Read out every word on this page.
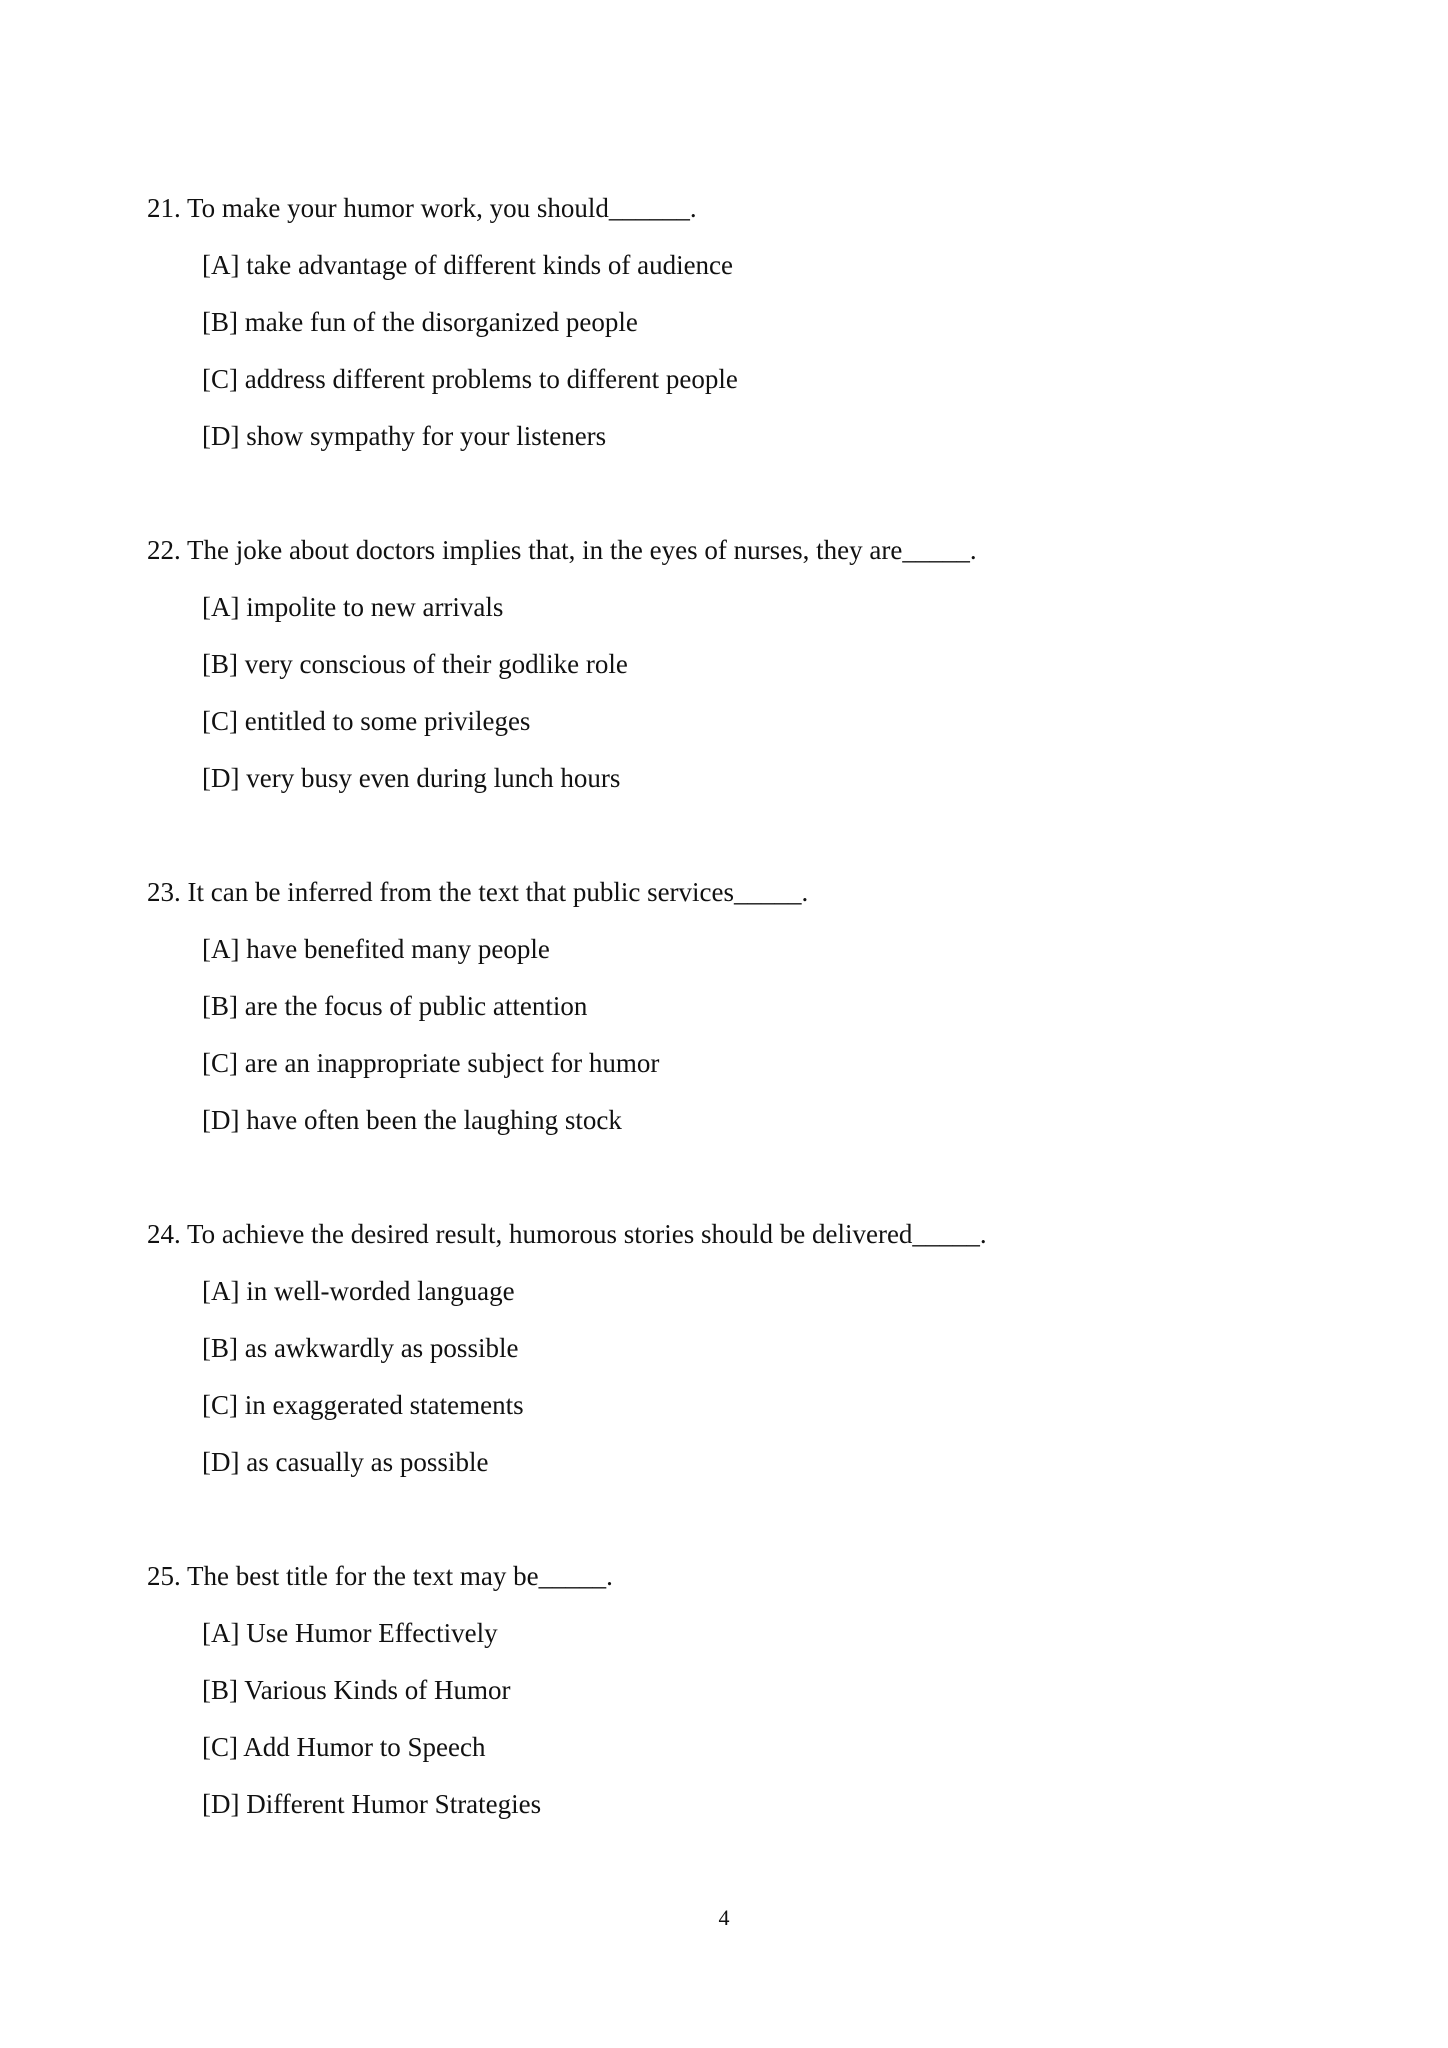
21. To make your humor work, you should______.
[A] take advantage of different kinds of audience
[B] make fun of the disorganized people
[C] address different problems to different people
[D] show sympathy for your listeners
22. The joke about doctors implies that, in the eyes of nurses, they are_____.
[A] impolite to new arrivals
[B] very conscious of their godlike role
[C] entitled to some privileges
[D] very busy even during lunch hours
23. It can be inferred from the text that public services_____.
[A] have benefited many people
[B] are the focus of public attention
[C] are an inappropriate subject for humor
[D] have often been the laughing stock
24. To achieve the desired result, humorous stories should be delivered_____.
[A] in well-worded language
[B] as awkwardly as possible
[C] in exaggerated statements
[D] as casually as possible
25. The best title for the text may be_____.
[A] Use Humor Effectively
[B] Various Kinds of Humor
[C] Add Humor to Speech
[D] Different Humor Strategies
4
